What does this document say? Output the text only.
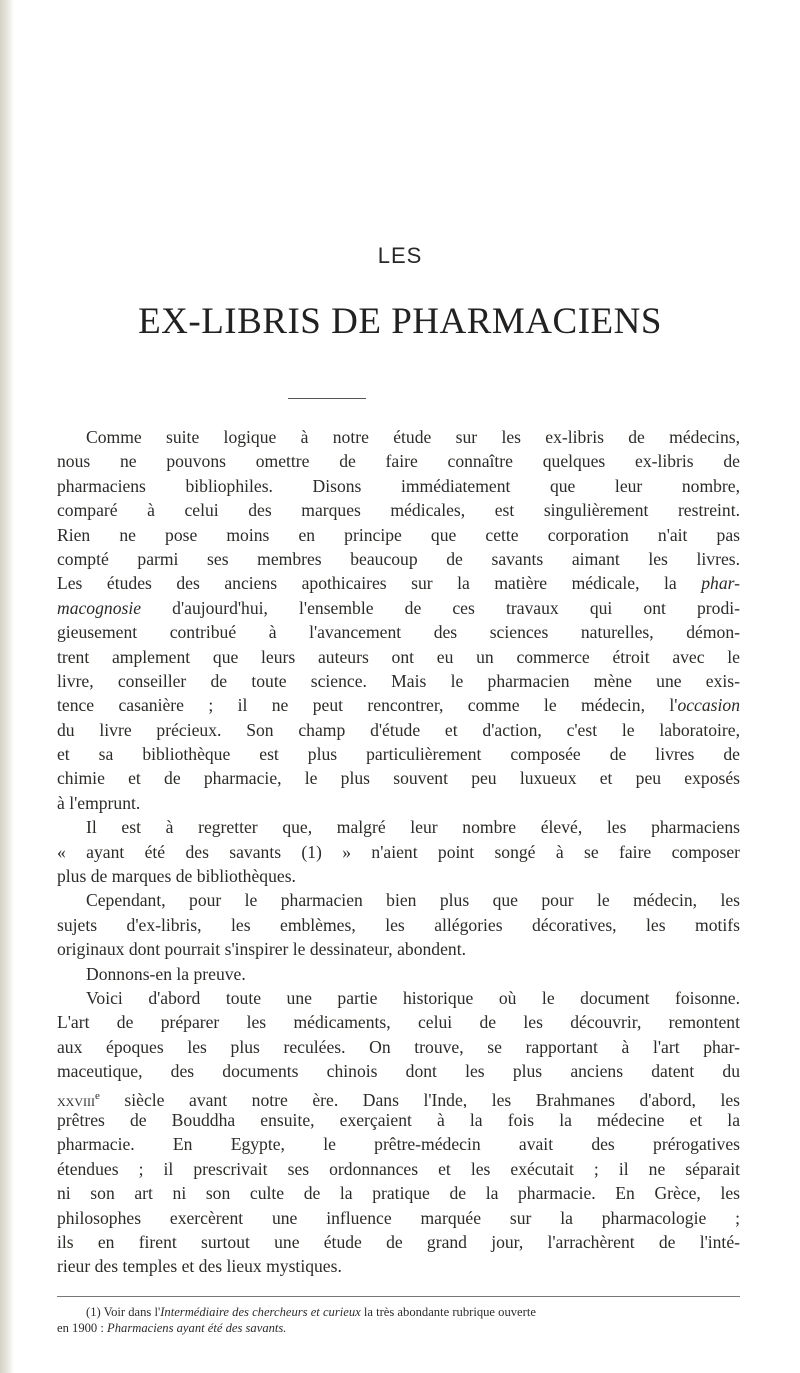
LES
EX-LIBRIS DE PHARMACIENS
Comme suite logique à notre étude sur les ex-libris de médecins,
nous ne pouvons omettre de faire connaître quelques ex-libris de
pharmaciens bibliophiles. Disons immédiatement que leur nombre,
comparé à celui des marques médicales, est singulièrement restreint.
Rien ne pose moins en principe que cette corporation n'ait pas
compté parmi ses membres beaucoup de savants aimant les livres.
Les études des anciens apothicaires sur la matière médicale, la phar-
macognosie d'aujourd'hui, l'ensemble de ces travaux qui ont prodi-
gieusement contribué à l'avancement des sciences naturelles, démon-
trent amplement que leurs auteurs ont eu un commerce étroit avec le
livre, conseiller de toute science. Mais le pharmacien mène une exis-
tence casanière ; il ne peut rencontrer, comme le médecin, l'occasion
du livre précieux. Son champ d'étude et d'action, c'est le laboratoire,
et sa bibliothèque est plus particulièrement composée de livres de
chimie et de pharmacie, le plus souvent peu luxueux et peu exposés
à l'emprunt.
Il est à regretter que, malgré leur nombre élevé, les pharmaciens
« ayant été des savants (1) » n'aient point songé à se faire composer
plus de marques de bibliothèques.
Cependant, pour le pharmacien bien plus que pour le médecin, les
sujets d'ex-libris, les emblèmes, les allégories décoratives, les motifs
originaux dont pourrait s'inspirer le dessinateur, abondent.
Donnons-en la preuve.
Voici d'abord toute une partie historique où le document foisonne.
L'art de préparer les médicaments, celui de les découvrir, remontent
aux époques les plus reculées. On trouve, se rapportant à l'art phar-
maceutique, des documents chinois dont les plus anciens datent du
xxviii$^e$ siècle avant notre ère. Dans l'Inde, les Brahmanes d'abord, les
prêtres de Bouddha ensuite, exerçaient à la fois la médecine et la
pharmacie. En Egypte, le prêtre-médecin avait des prérogatives
étendues ; il prescrivait ses ordonnances et les exécutait ; il ne séparait
ni son art ni son culte de la pratique de la pharmacie. En Grèce, les
philosophes exercèrent une influence marquée sur la pharmacologie ;
ils en firent surtout une étude de grand jour, l'arrachèrent de l'inté-
rieur des temples et des lieux mystiques.
(1) Voir dans l'Intermédiaire des chercheurs et curieux la très abondante rubrique ouverte
en 1900 : Pharmaciens ayant été des savants.
